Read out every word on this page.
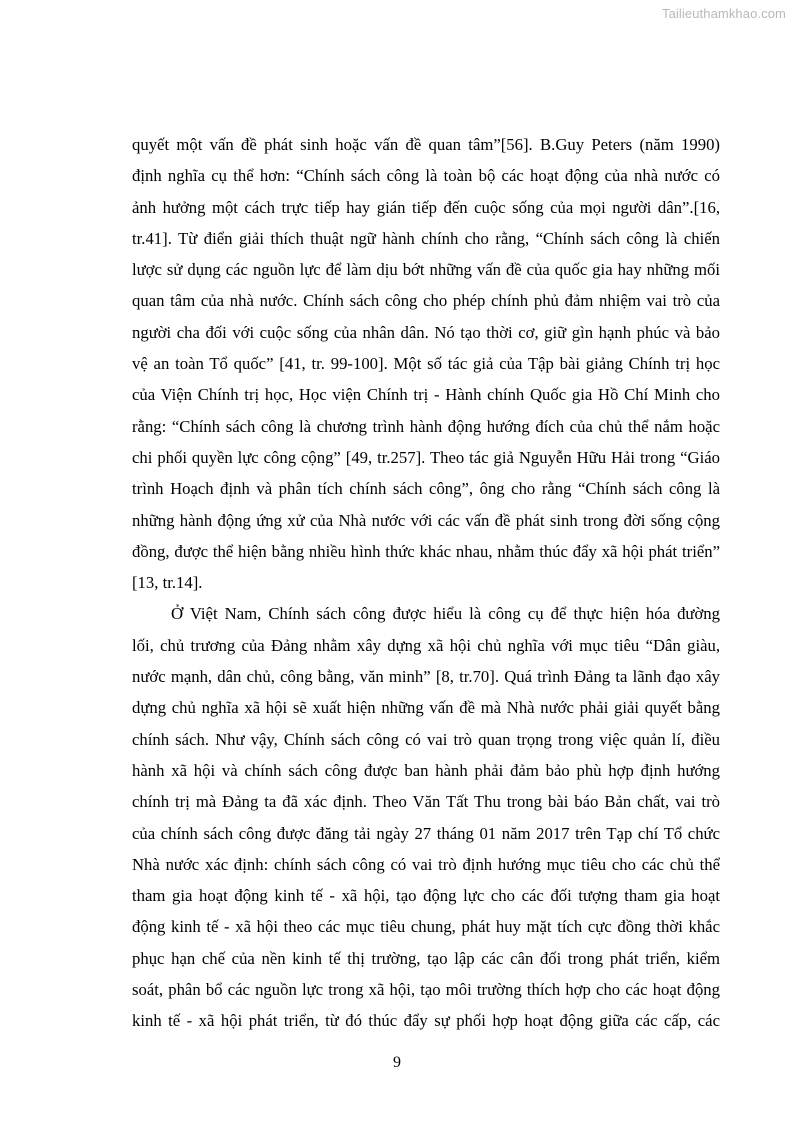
Tailieuthamkhao.com
quyết một vấn đề phát sinh hoặc vấn đề quan tâm”[56]. B.Guy Peters (năm 1990)
định nghĩa cụ thể hơn: “Chính sách công là toàn bộ các hoạt động của nhà nước có
ảnh hưởng một cách trực tiếp hay gián tiếp đến cuộc sống của mọi người dân”.[16,
tr.41]. Từ điển giải thích thuật ngữ hành chính cho rằng, “Chính sách công là chiến
lược sử dụng các nguồn lực để làm dịu bớt những vấn đề của quốc gia hay những mối
quan tâm của nhà nước. Chính sách công cho phép chính phủ đảm nhiệm vai trò của
người cha đối với cuộc sống của nhân dân. Nó tạo thời cơ, giữ gìn hạnh phúc và bảo
vệ an toàn Tổ quốc” [41, tr. 99-100]. Một số tác giả của Tập bài giảng Chính trị học
của Viện Chính trị học, Học viện Chính trị - Hành chính Quốc gia Hồ Chí Minh cho
rằng: “Chính sách công là chương trình hành động hướng đích của chủ thể nắm hoặc
chi phối quyền lực công cộng” [49, tr.257]. Theo tác giả Nguyễn Hữu Hải trong “Giáo
trình Hoạch định và phân tích chính sách công”, ông cho rằng “Chính sách công là
những hành động ứng xử của Nhà nước với các vấn đề phát sinh trong đời sống cộng
đồng, được thể hiện bằng nhiều hình thức khác nhau, nhằm thúc đẩy xã hội phát triển”
[13, tr.14].
Ở Việt Nam, Chính sách công được hiểu là công cụ để thực hiện hóa đường
lối, chủ trương của Đảng nhằm xây dựng xã hội chủ nghĩa với mục tiêu “Dân giàu,
nước mạnh, dân chủ, công bằng, văn minh” [8, tr.70]. Quá trình Đảng ta lãnh đạo xây
dựng chủ nghĩa xã hội sẽ xuất hiện những vấn đề mà Nhà nước phải giải quyết bằng
chính sách. Như vậy, Chính sách công có vai trò quan trọng trong việc quản lí, điều
hành xã hội và chính sách công được ban hành phải đảm bảo phù hợp định hướng
chính trị mà Đảng ta đã xác định. Theo Văn Tất Thu trong bài báo Bản chất, vai trò
của chính sách công được đăng tải ngày 27 tháng 01 năm 2017 trên Tạp chí Tổ chức
Nhà nước xác định: chính sách công có vai trò định hướng mục tiêu cho các chủ thể
tham gia hoạt động kinh tế - xã hội, tạo động lực cho các đối tượng tham gia hoạt
động kinh tế - xã hội theo các mục tiêu chung, phát huy mặt tích cực đồng thời khắc
phục hạn chế của nền kinh tế thị trường, tạo lập các cân đối trong phát triển, kiểm
soát, phân bổ các nguồn lực trong xã hội, tạo môi trường thích hợp cho các hoạt động
kinh tế - xã hội phát triển, từ đó thúc đẩy sự phối hợp hoạt động giữa các cấp, các
9
